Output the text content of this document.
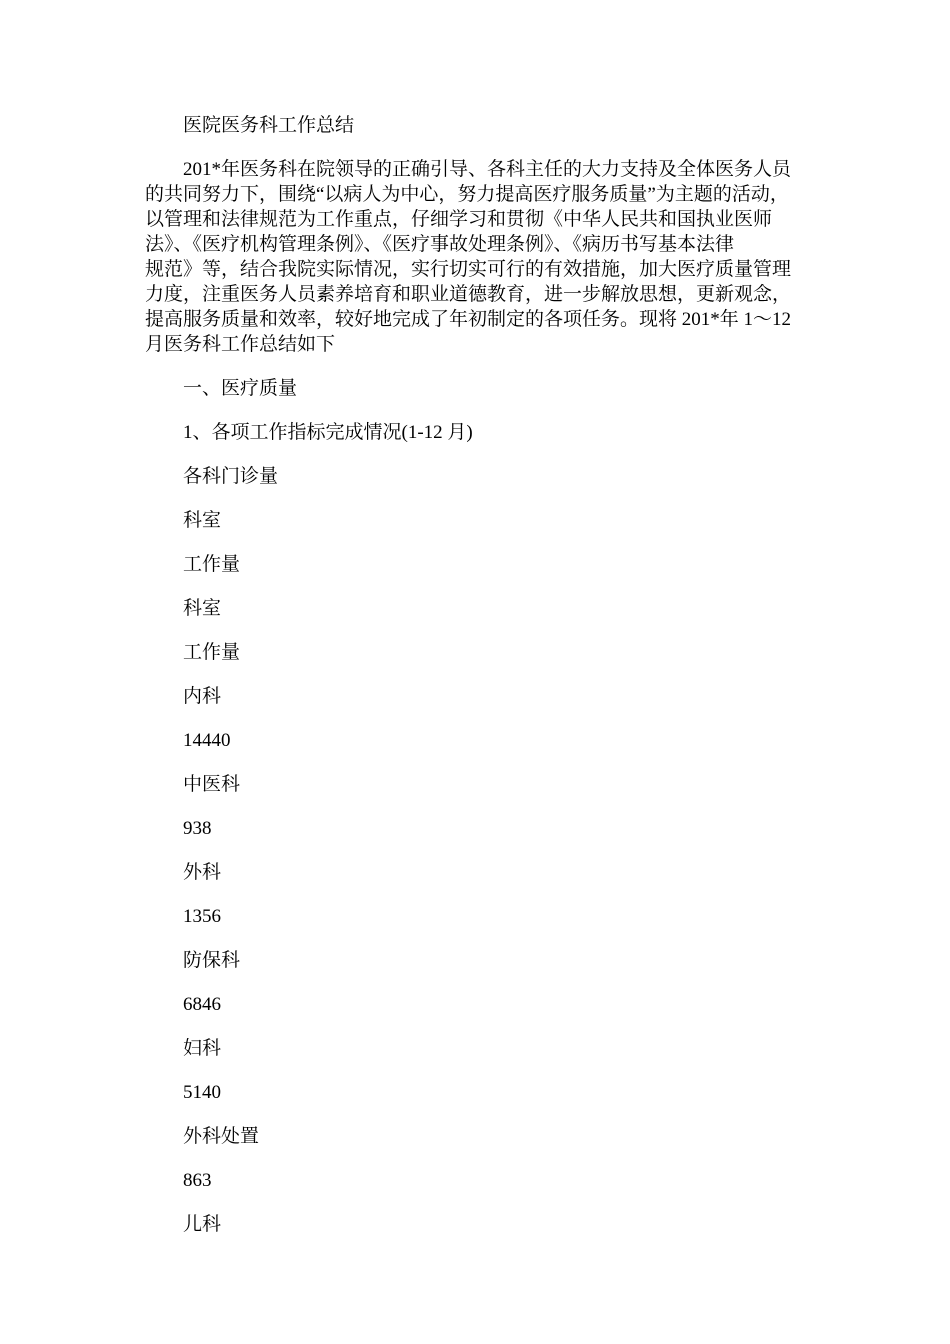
医院医务科工作总结

201*年医务科在院领导的正确引导、各科主任的大力支持及全体医务人员
的共同努力下，围绕“以病人为中心，努力提高医疗服务质量”为主题的活动，
以管理和法律规范为工作重点，仔细学习和贯彻《中华人民共和国执业医师
法》、《医疗机构管理条例》、《医疗事故处理条例》、《病历书写基本法律
规范》等，结合我院实际情况，实行切实可行的有效措施，加大医疗质量管理
力度，注重医务人员素养培育和职业道德教育，进一步解放思想，更新观念，
提高服务质量和效率，较好地完成了年初制定的各项任务。现将 201*年 1～12
月医务科工作总结如下

一、医疗质量

1、各项工作指标完成情况(1-12 月)

各科门诊量

科室

工作量

科室

工作量

内科

14440

中医科

938

外科

1356

防保科

6846

妇科

5140

外科处置

863

儿科
